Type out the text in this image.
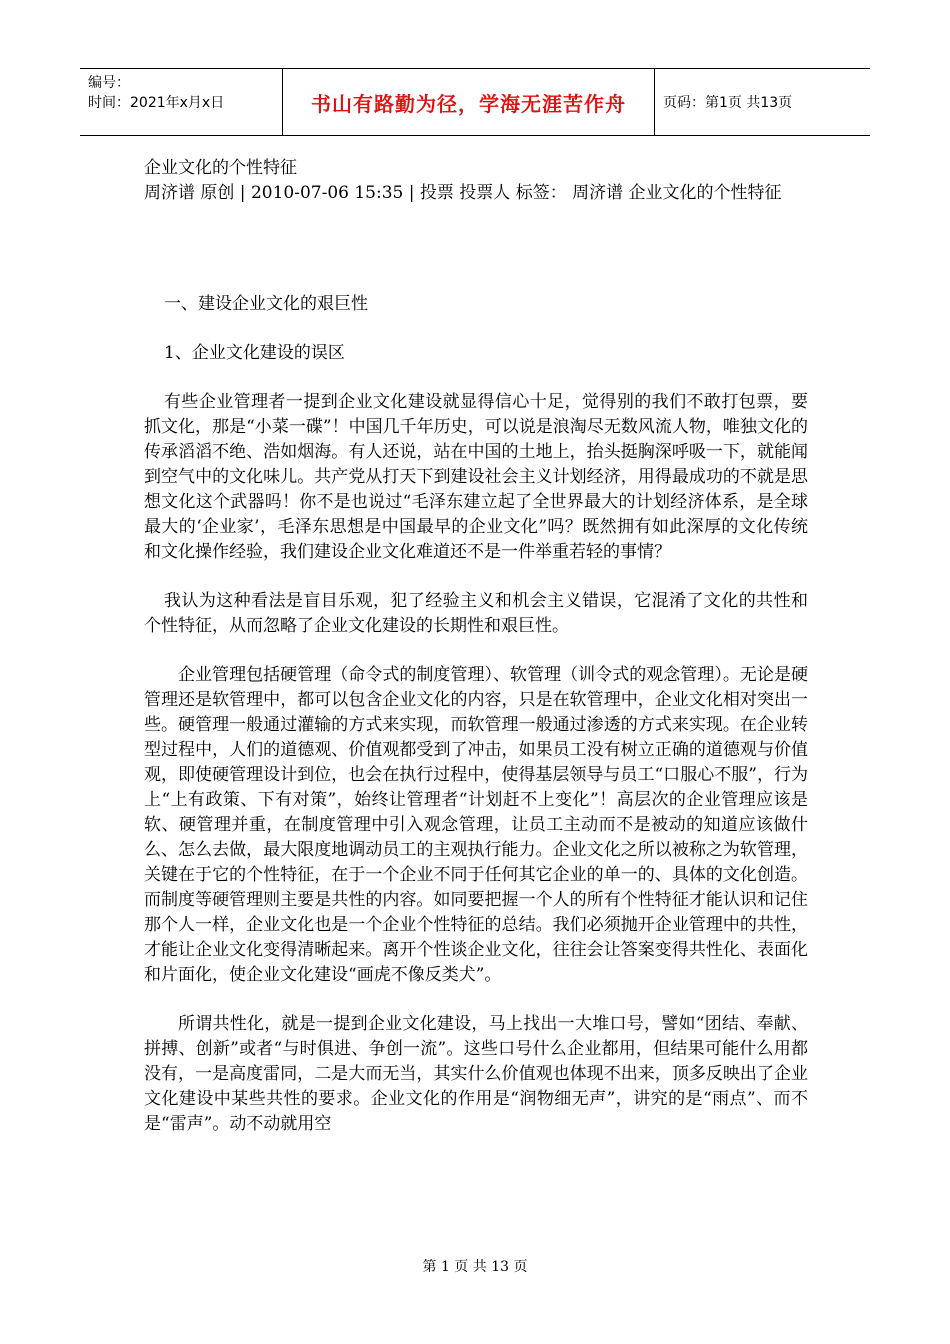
编号：
时间：2021年x月x日	书山有路勤为径，学海无涯苦作舟	页码：第1页 共13页

企业文化的个性特征

周济谱 原创 | 2010-07-06 15:35 | 投票 投票人 标签： 周济谱 企业文化的个性特征

一、建设企业文化的艰巨性

1、企业文化建设的误区

有些企业管理者一提到企业文化建设就显得信心十足，觉得别的我们不敢打包票，要抓文化，那是“小菜一碟”！中国几千年历史，可以说是浪淘尽无数风流人物，唯独文化的传承滔滔不绝、浩如烟海。有人还说，站在中国的土地上，抬头挺胸深呼吸一下，就能闻到空气中的文化味儿。共产党从打天下到建设社会主义计划经济，用得最成功的不就是思想文化这个武器吗！你不是也说过“毛泽东建立起了全世界最大的计划经济体系，是全球最大的‘企业家’，毛泽东思想是中国最早的企业文化”吗？既然拥有如此深厚的文化传统和文化操作经验，我们建设企业文化难道还不是一件举重若轻的事情？

我认为这种看法是盲目乐观，犯了经验主义和机会主义错误，它混淆了文化的共性和个性特征，从而忽略了企业文化建设的长期性和艰巨性。

企业管理包括硬管理（命令式的制度管理）、软管理（训令式的观念管理）。无论是硬管理还是软管理中，都可以包含企业文化的内容，只是在软管理中，企业文化相对突出一些。硬管理一般通过灌输的方式来实现，而软管理一般通过渗透的方式来实现。在企业转型过程中，人们的道德观、价值观都受到了冲击，如果员工没有树立正确的道德观与价值观，即使硬管理设计到位，也会在执行过程中，使得基层领导与员工“口服心不服”，行为上“上有政策、下有对策”，始终让管理者“计划赶不上变化”！高层次的企业管理应该是软、硬管理并重，在制度管理中引入观念管理，让员工主动而不是被动的知道应该做什么、怎么去做，最大限度地调动员工的主观执行能力。企业文化之所以被称之为软管理，关键在于它的个性特征，在于一个企业不同于任何其它企业的单一的、具体的文化创造。而制度等硬管理则主要是共性的内容。如同要把握一个人的所有个性特征才能认识和记住那个人一样，企业文化也是一个企业个性特征的总结。我们必须抛开企业管理中的共性，才能让企业文化变得清晰起来。离开个性谈企业文化，往往会让答案变得共性化、表面化和片面化，使企业文化建设“画虎不像反类犬”。

所谓共性化，就是一提到企业文化建设，马上找出一大堆口号，譬如“团结、奉献、拼搏、创新”或者“与时俱进、争创一流”。这些口号什么企业都用，但结果可能什么用都没有，一是高度雷同，二是大而无当，其实什么价值观也体现不出来，顶多反映出了企业文化建设中某些共性的要求。企业文化的作用是“润物细无声”，讲究的是“雨点”、而不是“雷声”。动不动就用空

第 1 页 共 13 页
